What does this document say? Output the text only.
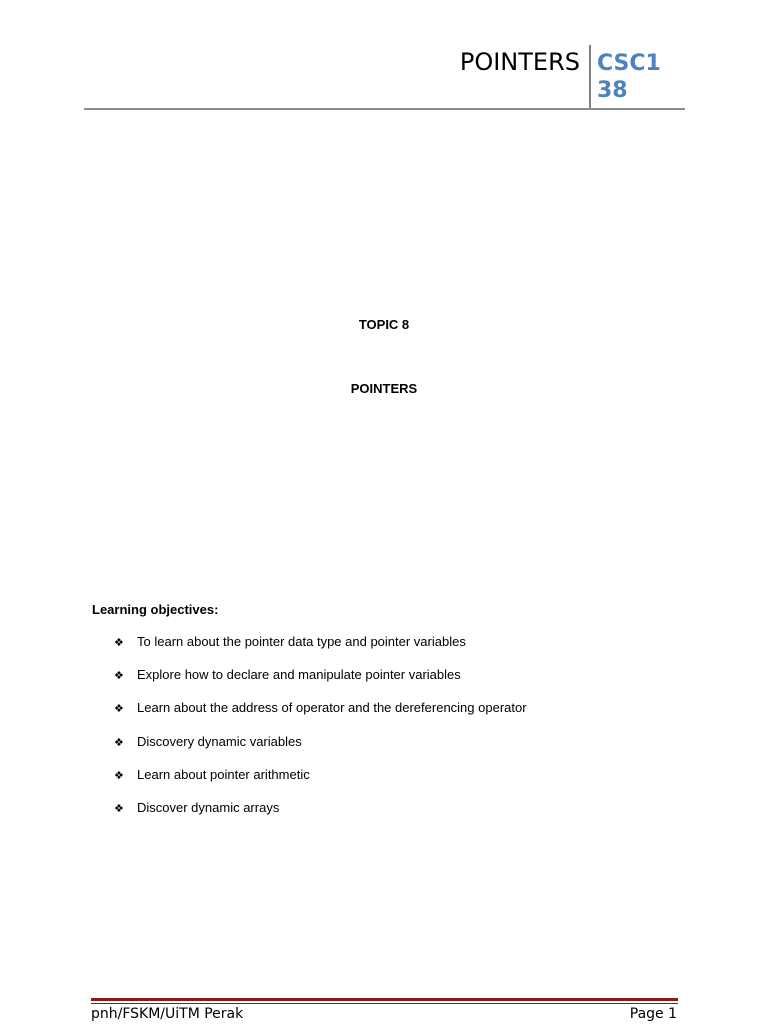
POINTERS CSC1
38
TOPIC 8
POINTERS
Learning objectives:
❖ To learn about the pointer data type and pointer variables
❖ Explore how to declare and manipulate pointer variables
❖ Learn about the address of operator and the dereferencing operator
❖ Discovery dynamic variables
❖ Learn about pointer arithmetic
❖ Discover dynamic arrays
pnh/FSKM/UiTM Perak	Page 1
